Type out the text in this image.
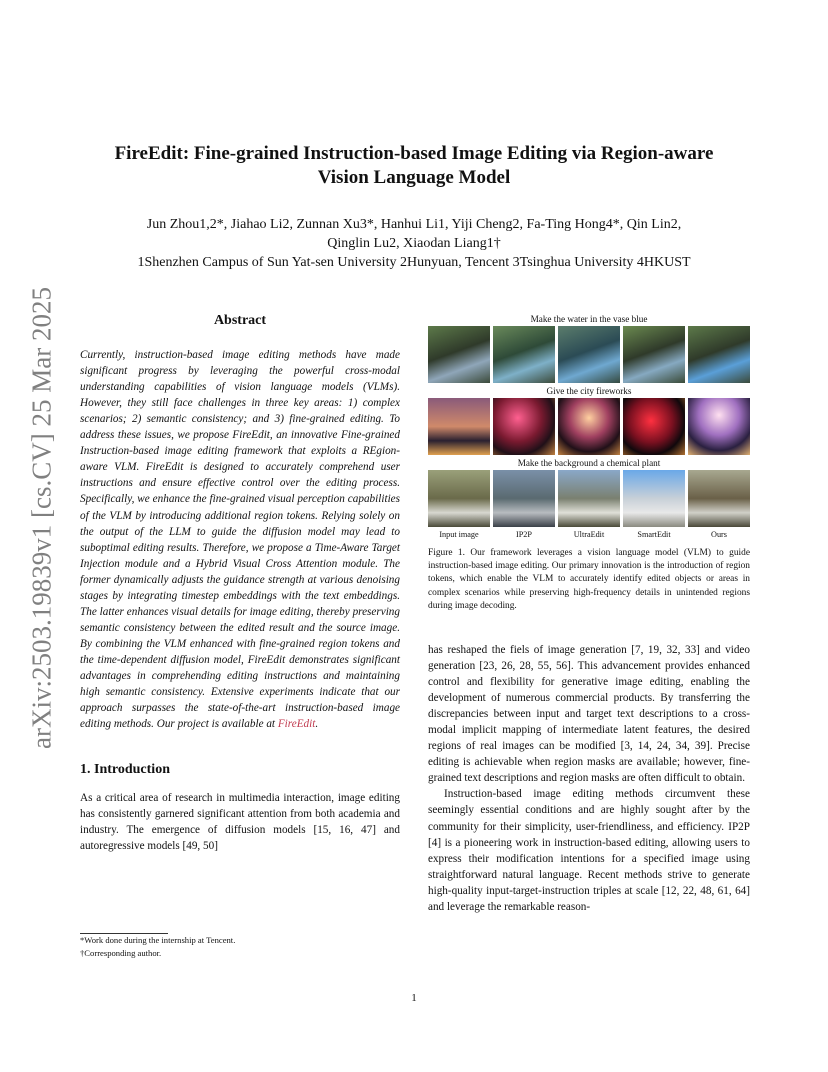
arXiv:2503.19839v1 [cs.CV] 25 Mar 2025
FireEdit: Fine-grained Instruction-based Image Editing via Region-aware
Vision Language Model
Jun Zhou1,2*, Jiahao Li2, Zunnan Xu3*, Hanhui Li1, Yiji Cheng2, Fa-Ting Hong4*, Qin Lin2,
Qinglin Lu2, Xiaodan Liang1†
1Shenzhen Campus of Sun Yat-sen University 2Hunyuan, Tencent 3Tsinghua University 4HKUST
Abstract

Currently, instruction-based image editing methods have made significant progress by leveraging the powerful cross-modal understanding capabilities of vision language models (VLMs). However, they still face challenges in three key areas: 1) complex scenarios; 2) semantic consistency; and 3) fine-grained editing. To address these issues, we propose FireEdit, an innovative Fine-grained Instruction-based image editing framework that exploits a REgion-aware VLM. FireEdit is designed to accurately comprehend user instructions and ensure effective control over the editing process. Specifically, we enhance the fine-grained visual perception capabilities of the VLM by introducing additional region tokens. Relying solely on the output of the LLM to guide the diffusion model may lead to suboptimal editing results. Therefore, we propose a Time-Aware Target Injection module and a Hybrid Visual Cross Attention module. The former dynamically adjusts the guidance strength at various denoising stages by integrating timestep embeddings with the text embeddings. The latter enhances visual details for image editing, thereby preserving semantic consistency between the edited result and the source image. By combining the VLM enhanced with fine-grained region tokens and the time-dependent diffusion model, FireEdit demonstrates significant advantages in comprehending editing instructions and maintaining high semantic consistency. Extensive experiments indicate that our approach surpasses the state-of-the-art instruction-based image editing methods. Our project is available at FireEdit.

1. Introduction

As a critical area of research in multimedia interaction, image editing has consistently garnered significant attention from both academia and industry. The emergence of diffusion models [15, 16, 47] and autoregressive models [49, 50]

*Work done during the internship at Tencent.
†Corresponding author.
Make the water in the vase blue
Give the city fireworks
Make the background a chemical plant
Input image	IP2P	UltraEdit	SmartEdit	Ours
Figure 1. Our framework leverages a vision language model (VLM) to guide instruction-based image editing. Our primary innovation is the introduction of region tokens, which enable the VLM to accurately identify edited objects or areas in complex scenarios while preserving high-frequency details in unintended regions during image decoding.

has reshaped the fiels of image generation [7, 19, 32, 33] and video generation [23, 26, 28, 55, 56]. This advancement provides enhanced control and flexibility for generative image editing, enabling the development of numerous commercial products. By transferring the discrepancies between input and target text descriptions to a cross-modal implicit mapping of intermediate latent features, the desired regions of real images can be modified [3, 14, 24, 34, 39]. Precise editing is achievable when region masks are available; however, fine-grained text descriptions and region masks are often difficult to obtain.

Instruction-based image editing methods circumvent these seemingly essential conditions and are highly sought after by the community for their simplicity, user-friendliness, and efficiency. IP2P [4] is a pioneering work in instruction-based editing, allowing users to express their modification intentions for a specified image using straightforward natural language. Recent methods strive to generate high-quality input-target-instruction triples at scale [12, 22, 48, 61, 64] and leverage the remarkable reason-

1
